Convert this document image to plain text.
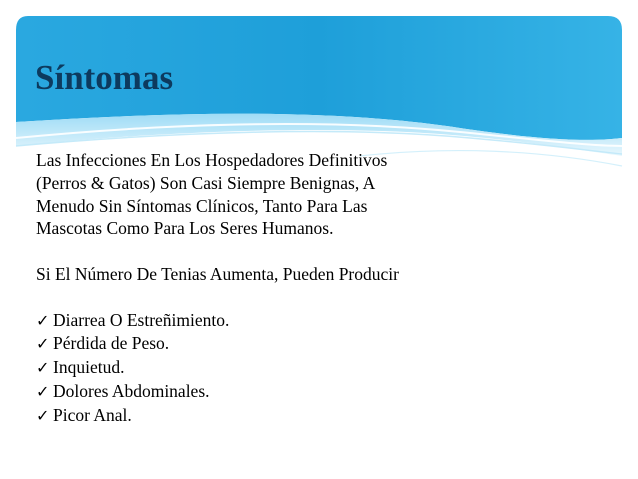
Síntomas

Las Infecciones En Los Hospedadores Definitivos

(Perros & Gatos) Son Casi Siempre Benignas, A

Menudo Sin Síntomas Clínicos, Tanto Para Las

Mascotas Como Para Los Seres Humanos.

Si El Número De Tenias Aumenta, Pueden Producir

✓ Diarrea O Estreñimiento.
✓ Pérdida de Peso.
✓ Inquietud.
✓ Dolores Abdominales.
✓ Picor Anal.
